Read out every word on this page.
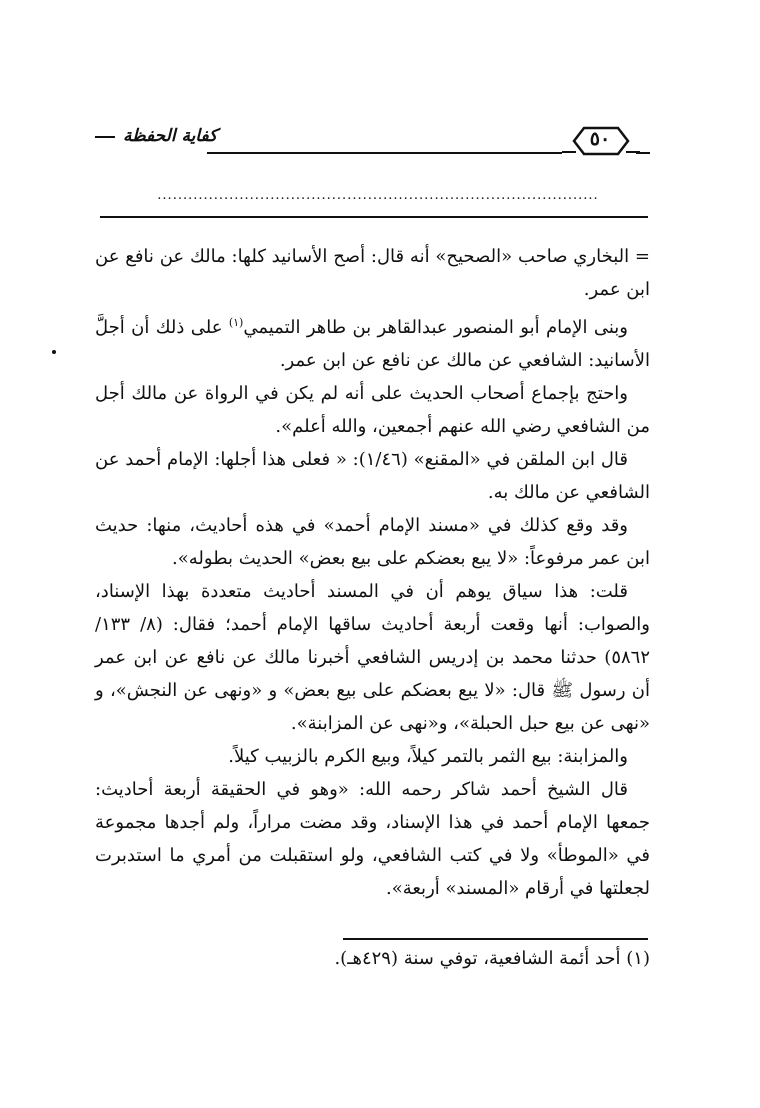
كفاية الحفظة	٥٠
......................................................................................

= البخاري صاحب «الصحيح» أنه قال: أصح الأسانيد كلها: مالك عن نافع عن ابن عمر.

وبنى الإمام أبو المنصور عبدالقاهر بن طاهر التميمي$^{(١)}$ على ذلك أن أجلَّ الأسانيد: الشافعي عن مالك عن نافع عن ابن عمر.

واحتج بإجماع أصحاب الحديث على أنه لم يكن في الرواة عن مالك أجل من الشافعي رضي الله عنهم أجمعين، والله أعلم».

قال ابن الملقن في «المقنع» (١/٤٦): « فعلى هذا أجلها: الإمام أحمد عن الشافعي عن مالك به.

وقد وقع كذلك في «مسند الإمام أحمد» في هذه أحاديث، منها: حديث ابن عمر مرفوعاً: «لا يبع بعضكم على بيع بعض» الحديث بطوله».

قلت: هذا سياق يوهم أن في المسند أحاديث متعددة بهذا الإسناد، والصواب: أنها وقعت أربعة أحاديث ساقها الإمام أحمد؛ فقال: (٨/ ١٣٣/ ٥٨٦٢) حدثنا محمد بن إدريس الشافعي أخبرنا مالك عن نافع عن ابن عمر أن رسول ﷺ قال: «لا يبع بعضكم على بيع بعض» و «ونهى عن النجش»، و «نهى عن بيع حبل الحبلة»، و«نهى عن المزابنة».

والمزابنة: بيع الثمر بالتمر كيلاً، وبيع الكرم بالزبيب كيلاً.

قال الشيخ أحمد شاكر رحمه الله: «وهو في الحقيقة أربعة أحاديث: جمعها الإمام أحمد في هذا الإسناد، وقد مضت مراراً، ولم أجدها مجموعة في «الموطأ» ولا في كتب الشافعي، ولو استقبلت من أمري ما استدبرت لجعلتها في أرقام «المسند» أربعة».

(١) أحد أئمة الشافعية، توفي سنة (٤٢٩هـ).
